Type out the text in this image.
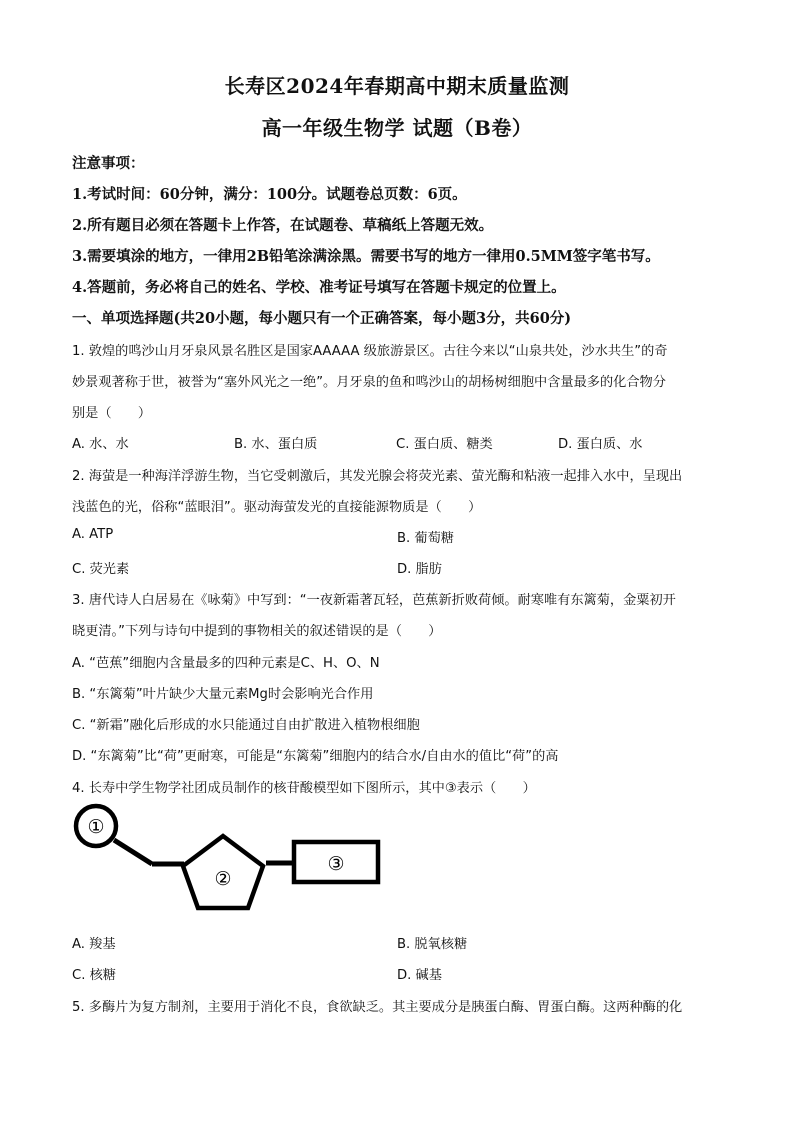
长寿区2024年春期高中期末质量监测
高一年级生物学 试题（B卷）
注意事项：
1.考试时间：60分钟，满分：100分。试题卷总页数：6页。
2.所有题目必须在答题卡上作答，在试题卷、草稿纸上答题无效。
3.需要填涂的地方，一律用2B铅笔涂满涂黑。需要书写的地方一律用0.5MM签字笔书写。
4.答题前，务必将自己的姓名、学校、准考证号填写在答题卡规定的位置上。
一、单项选择题(共20小题，每小题只有一个正确答案，每小题3分，共60分)
1. 敦煌的鸣沙山月牙泉风景名胜区是国家AAAAA 级旅游景区。古往今来以“山泉共处，沙水共生”的奇
妙景观著称于世，被誉为“塞外风光之一绝”。月牙泉的鱼和鸣沙山的胡杨树细胞中含量最多的化合物分
别是（　　）
A. 水、水	B. 水、蛋白质	C. 蛋白质、糖类	D. 蛋白质、水
2. 海萤是一种海洋浮游生物，当它受刺激后，其发光腺会将荧光素、萤光酶和粘液一起排入水中，呈现出
浅蓝色的光，俗称“蓝眼泪”。驱动海萤发光的直接能源物质是（　　）
A. ATP	B. 葡萄糖
C. 荧光素	D. 脂肪
3. 唐代诗人白居易在《咏菊》中写到：“一夜新霜著瓦轻，芭蕉新折败荷倾。耐寒唯有东篱菊，金粟初开
晓更清。”下列与诗句中提到的事物相关的叙述错误的是（　　）
A. “芭蕉”细胞内含量最多的四种元素是C、H、O、N
B. “东篱菊”叶片缺少大量元素Mg时会影响光合作用
C. “新霜”融化后形成的水只能通过自由扩散进入植物根细胞
D. “东篱菊”比“荷”更耐寒，可能是“东篱菊”细胞内的结合水/自由水的值比“荷”的高
4. 长寿中学生物学社团成员制作的核苷酸模型如下图所示，其中③表示（　　）
①
②
③
A. 羧基	B. 脱氧核糖
C. 核糖	D. 碱基
5. 多酶片为复方制剂，主要用于消化不良，食欲缺乏。其主要成分是胰蛋白酶、胃蛋白酶。这两种酶的化
